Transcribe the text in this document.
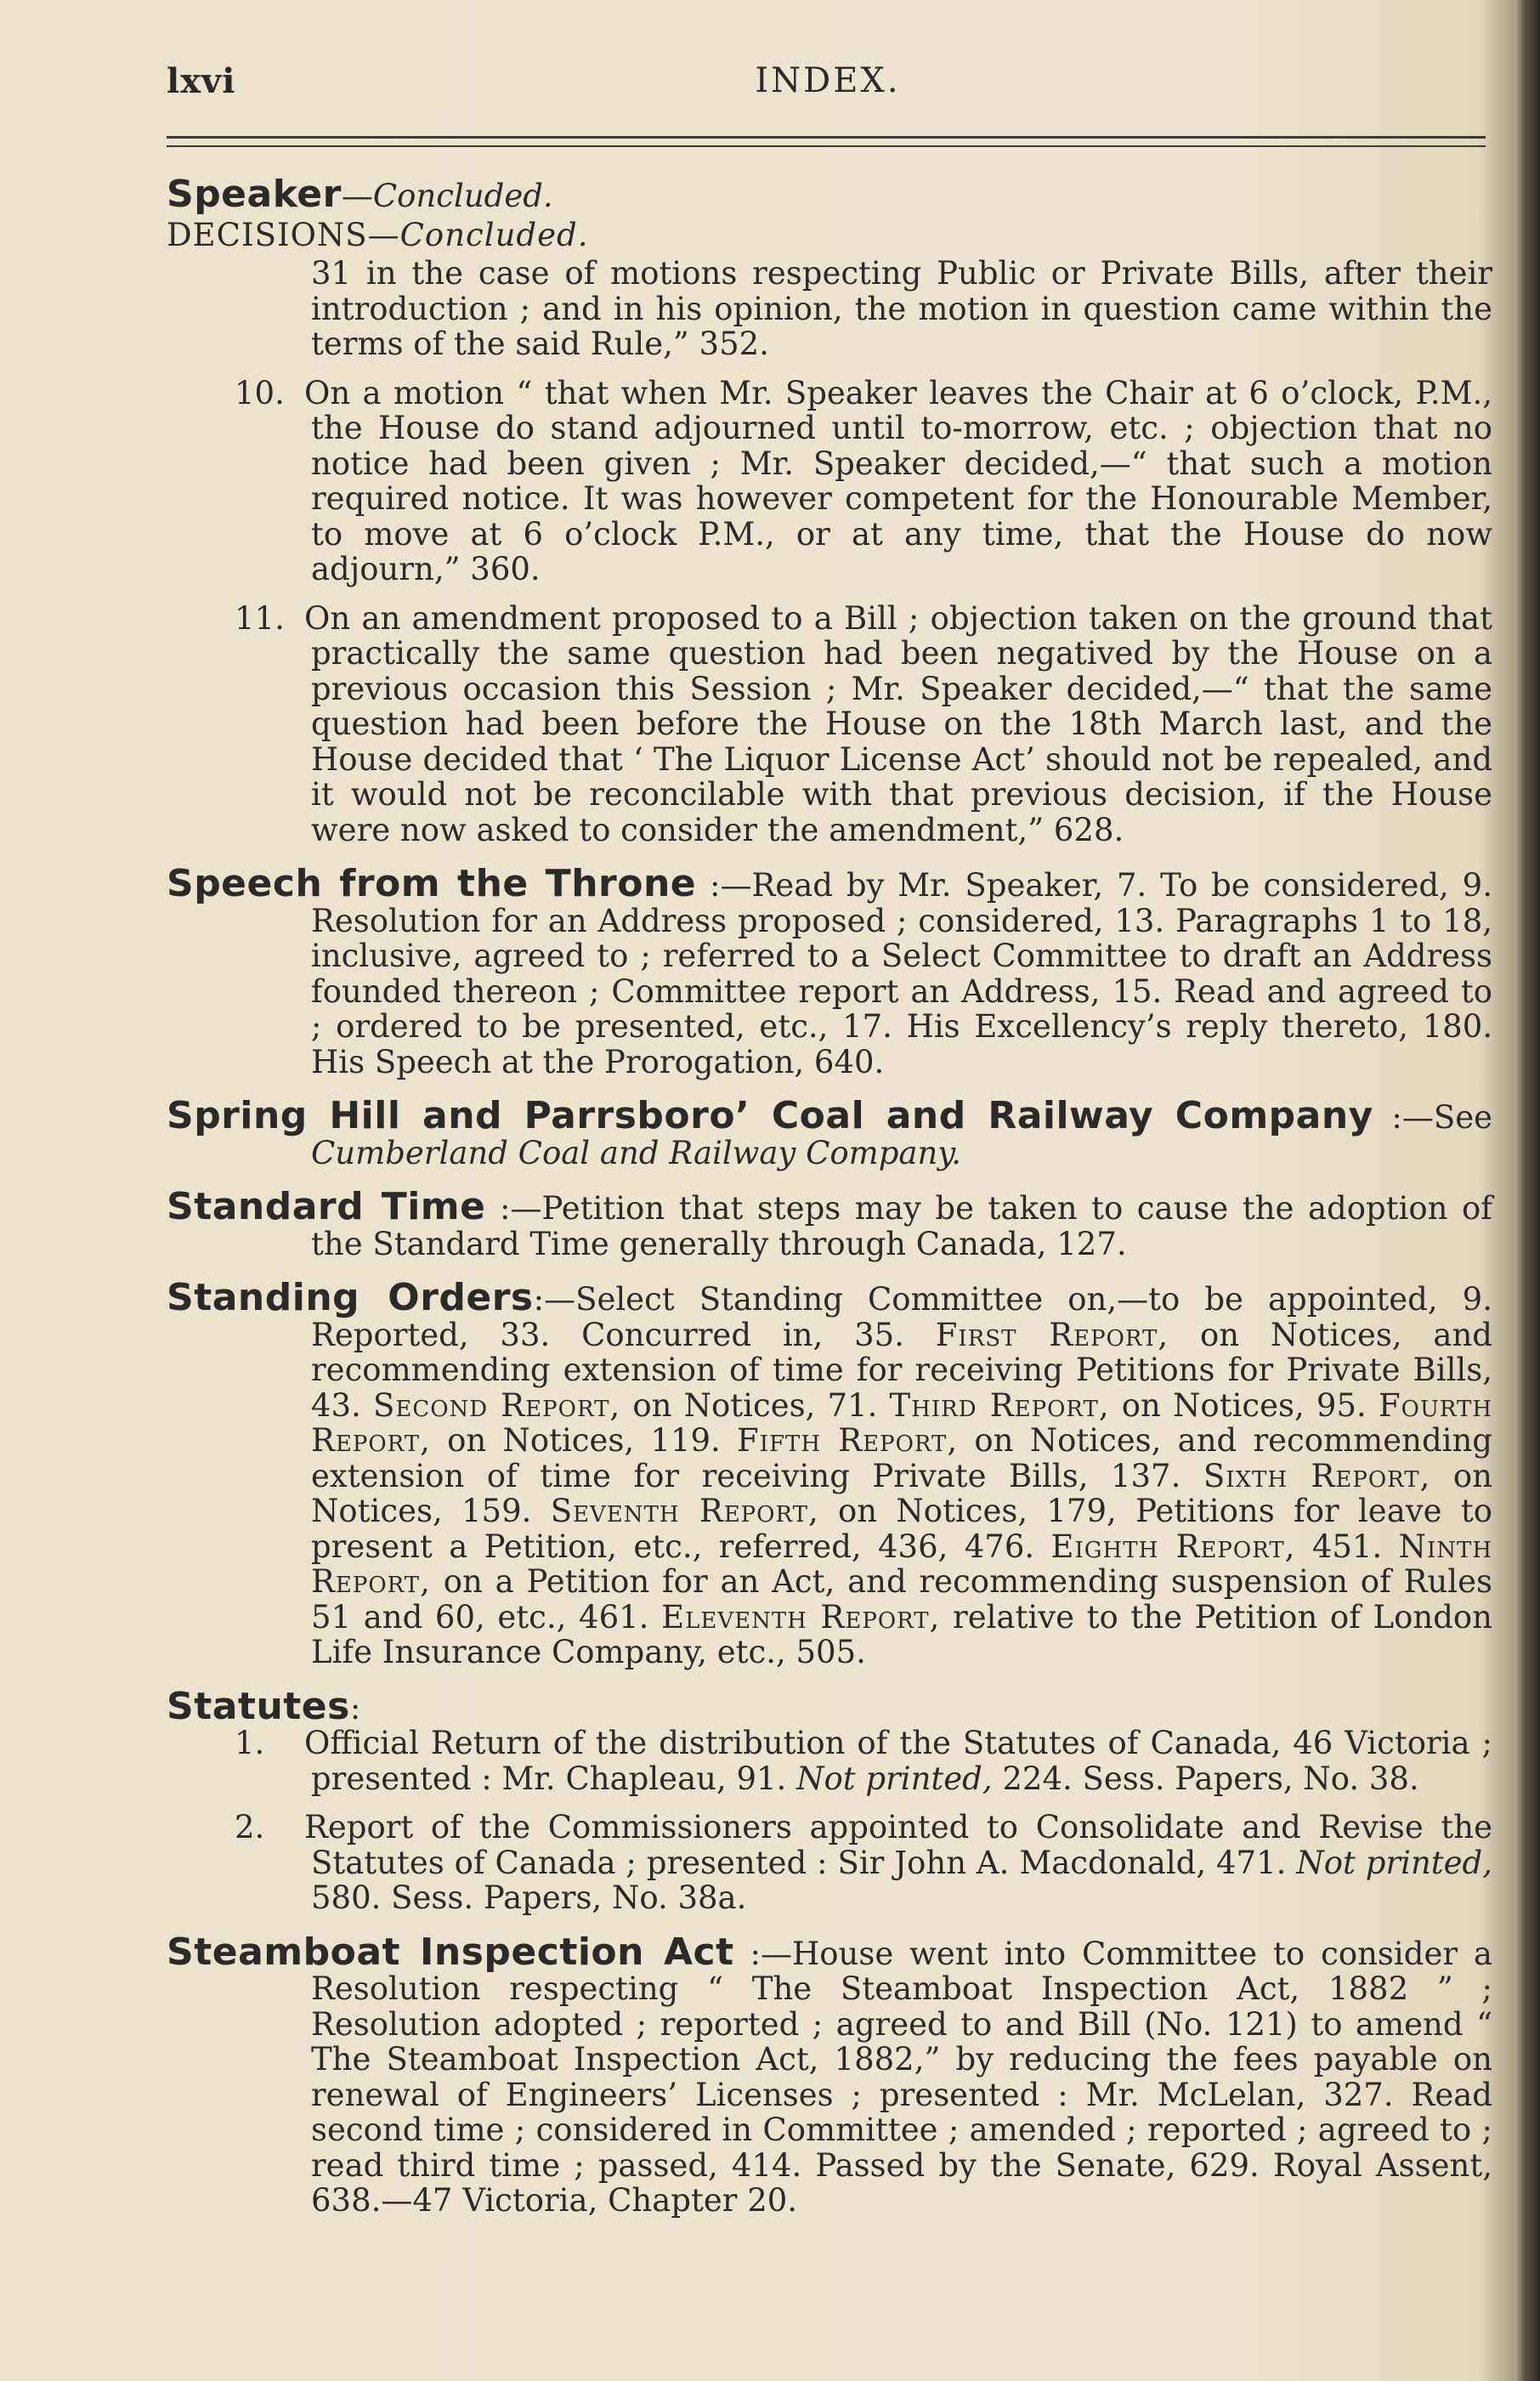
lxvi	INDEX.
Speaker—Concluded.
DECISIONS—Concluded.

31 in the case of motions respecting Public or Private Bills, after their introduction ; and in his opinion, the motion in question came within the terms of the said Rule,” 352.

10. On a motion “ that when Mr. Speaker leaves the Chair at 6 o’clock, P.M., the House do stand adjourned until to-morrow, etc. ; objection that no notice had been given ; Mr. Speaker decided,—“ that such a motion required notice. It was however competent for the Honourable Member, to move at 6 o’clock P.M., or at any time, that the House do now adjourn,” 360.

11. On an amendment proposed to a Bill ; objection taken on the ground that practically the same question had been negatived by the House on a previous occasion this Session ; Mr. Speaker decided,—“ that the same question had been before the House on the 18th March last, and the House decided that ‘ The Liquor License Act’ should not be repealed, and it would not be reconcilable with that previous decision, if the House were now asked to consider the amendment,” 628.

Speech from the Throne :—Read by Mr. Speaker, 7. To be considered, 9. Resolution for an Address proposed ; considered, 13. Paragraphs 1 to 18, inclusive, agreed to ; referred to a Select Committee to draft an Address founded thereon ; Committee report an Address, 15. Read and agreed to ; ordered to be presented, etc., 17. His Excellency’s reply thereto, 180. His Speech at the Prorogation, 640.
Spring Hill and Parrsboro’ Coal and Railway Company :—See Cumberland Coal and Railway Company.
Standard Time :—Petition that steps may be taken to cause the adoption of the Standard Time generally through Canada, 127.
Standing Orders:—Select Standing Committee on,—to be appointed, 9. Reported, 33. Concurred in, 35. First Report, on Notices, and recommending extension of time for receiving Petitions for Private Bills, 43. Second Report, on Notices, 71. Third Report, on Notices, 95. Fourth Report, on Notices, 119. Fifth Report, on Notices, and recommending extension of time for receiving Private Bills, 137. Sixth Report, on Notices, 159. Seventh Report, on Notices, 179, Petitions for leave to present a Petition, etc., referred, 436, 476. Eighth Report, 451. Ninth Report, on a Petition for an Act, and recommending suspension of Rules 51 and 60, etc., 461. Eleventh Report, relative to the Petition of London Life Insurance Company, etc., 505.
Statutes:

1. Official Return of the distribution of the Statutes of Canada, 46 Victoria ; presented : Mr. Chapleau, 91. Not printed, 224. Sess. Papers, No. 38.

2. Report of the Commissioners appointed to Consolidate and Revise the Statutes of Canada ; presented : Sir John A. Macdonald, 471. Not printed, 580. Sess. Papers, No. 38a.

Steamboat Inspection Act :—House went into Committee to consider a Resolution respecting “ The Steamboat Inspection Act, 1882 ” ; Resolution adopted ; reported ; agreed to and Bill (No. 121) to amend “ The Steamboat Inspection Act, 1882,” by reducing the fees payable on renewal of Engineers’ Licenses ; presented : Mr. McLelan, 327. Read second time ; considered in Committee ; amended ; reported ; agreed to ; read third time ; passed, 414. Passed by the Senate, 629. Royal Assent, 638.—47 Victoria, Chapter 20.
